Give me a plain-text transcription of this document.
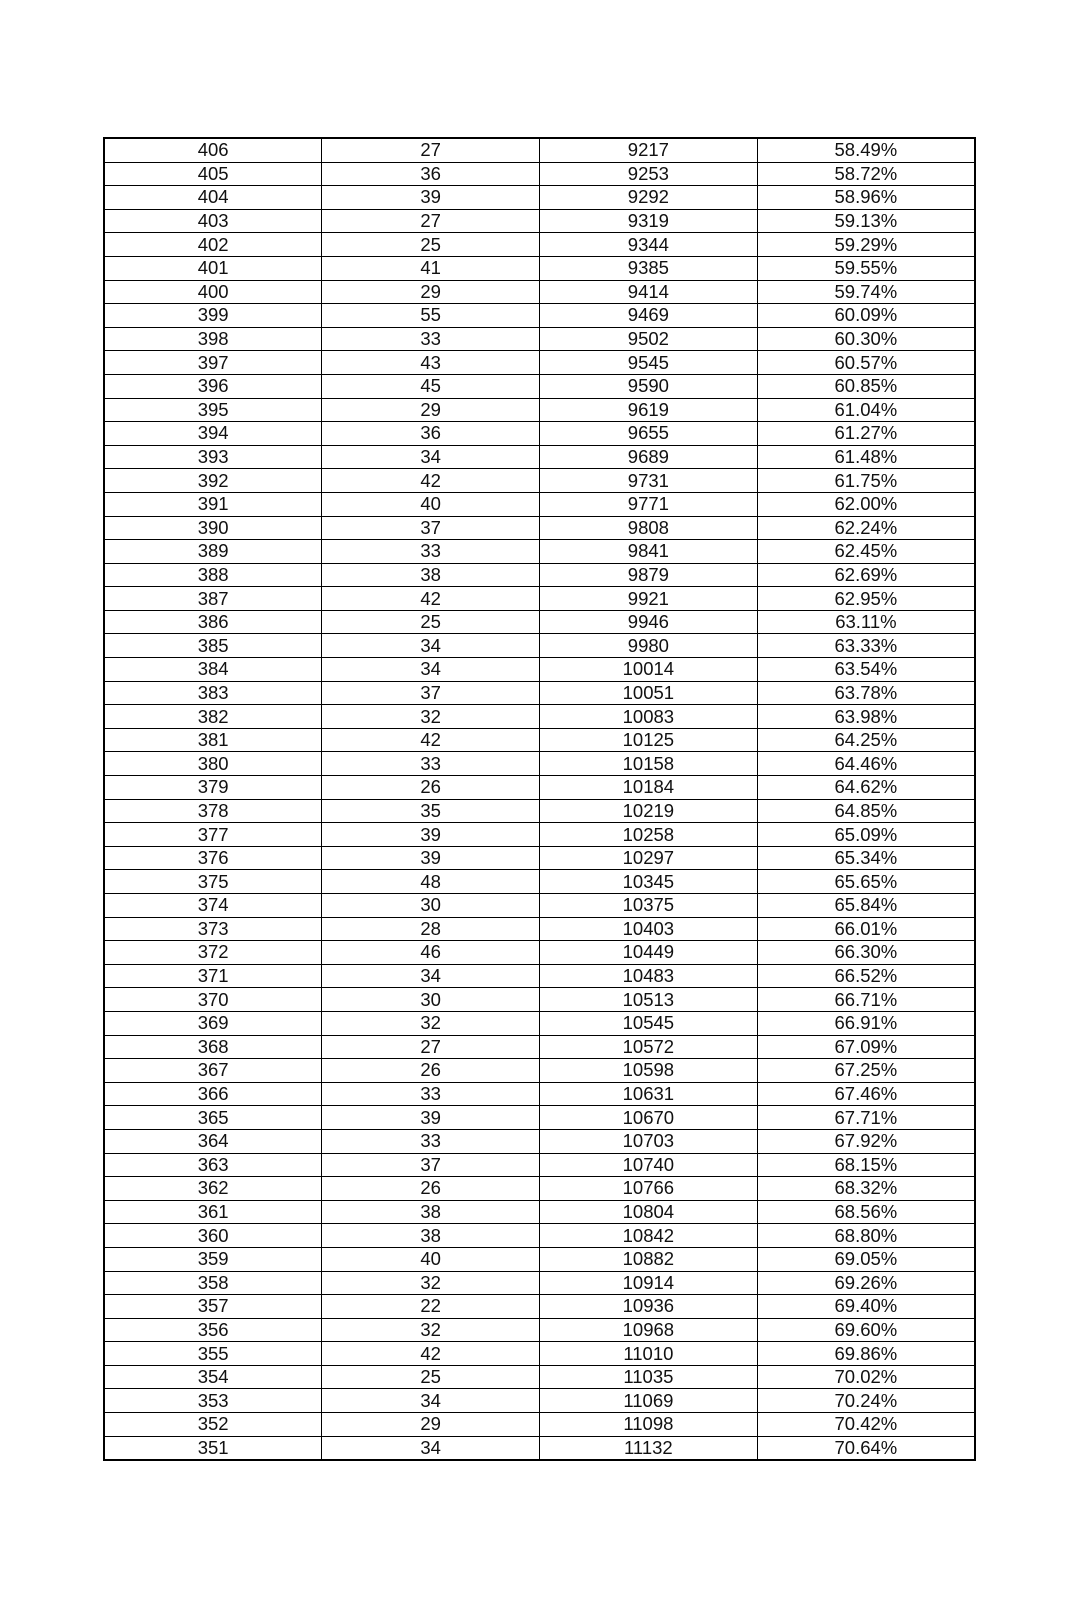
406	27	9217	58.49%
405	36	9253	58.72%
404	39	9292	58.96%
403	27	9319	59.13%
402	25	9344	59.29%
401	41	9385	59.55%
400	29	9414	59.74%
399	55	9469	60.09%
398	33	9502	60.30%
397	43	9545	60.57%
396	45	9590	60.85%
395	29	9619	61.04%
394	36	9655	61.27%
393	34	9689	61.48%
392	42	9731	61.75%
391	40	9771	62.00%
390	37	9808	62.24%
389	33	9841	62.45%
388	38	9879	62.69%
387	42	9921	62.95%
386	25	9946	63.11%
385	34	9980	63.33%
384	34	10014	63.54%
383	37	10051	63.78%
382	32	10083	63.98%
381	42	10125	64.25%
380	33	10158	64.46%
379	26	10184	64.62%
378	35	10219	64.85%
377	39	10258	65.09%
376	39	10297	65.34%
375	48	10345	65.65%
374	30	10375	65.84%
373	28	10403	66.01%
372	46	10449	66.30%
371	34	10483	66.52%
370	30	10513	66.71%
369	32	10545	66.91%
368	27	10572	67.09%
367	26	10598	67.25%
366	33	10631	67.46%
365	39	10670	67.71%
364	33	10703	67.92%
363	37	10740	68.15%
362	26	10766	68.32%
361	38	10804	68.56%
360	38	10842	68.80%
359	40	10882	69.05%
358	32	10914	69.26%
357	22	10936	69.40%
356	32	10968	69.60%
355	42	11010	69.86%
354	25	11035	70.02%
353	34	11069	70.24%
352	29	11098	70.42%
351	34	11132	70.64%
